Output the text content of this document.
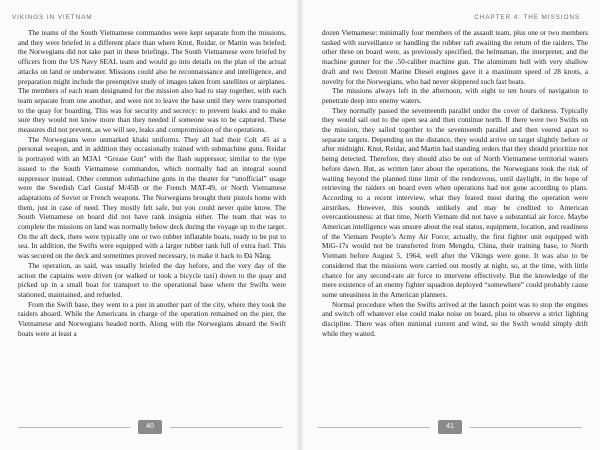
VIKINGS IN VIETNAM

The teams of the South Vietnamese commandos were kept separate from the missions, and they were briefed in a different place than where Knut, Reidar, or Martin was briefed; the Norwegians did not take part in these briefings. The South Vietnamese were briefed by officers from the US Navy SEAL team and would go into details on the plan of the actual attacks on land or underwater. Missions could also be reconnaissance and intelligence, and preparation might include the preemptive study of images taken from satellites or airplanes. The members of each team designated for the mission also had to stay together, with each team separate from one another, and were not to leave the base until they were transported to the quay for boarding. This was for security and secrecy: to prevent leaks and to make sure they would not know more than they needed if someone was to be captured. These measures did not prevent, as we will see, leaks and compromission of the operations.

The Norwegians were unmarked khaki uniforms. They all had their Colt .45 as a personal weapon, and in addition they occasionally trained with submachine guns. Reidar is portrayed with an M3A1 “Grease Gun” with the flash suppressor, similar to the type issued to the South Vietnamese commandos, which normally had an integral sound suppressor instead. Other common submachine guns in the theater for “unofficial” usage were the Swedish Carl Gustaf M/45B or the French MAT-49, or North Vietnamese adaptations of Soviet or French weapons. The Norwegians brought their pistols home with them, just in case of need. They mostly felt safe, but you could never quite know. The South Vietnamese on board did not have rank insignia either. The team that was to complete the missions on land was normally below deck during the voyage up to the target. On the aft deck, there were typically one or two rubber inflatable boats, ready to be put to sea. In addition, the Swifts were equipped with a larger rubber tank full of extra fuel. This was secured on the deck and sometimes proved necessary, to make it back to Đà Nẵng.

The operation, as said, was usually briefed the day before, and the very day of the action the captains were driven (or walked or took a bicycle taxi) down to the quay and picked up in a small boat for transport to the operational base where the Swifts were stationed, maintained, and refueled.

From the Swift base, they went to a pier in another part of the city, where they took the raiders aboard. While the Americans in charge of the operation remained on the pier, the Vietnamese and Norwegians headed north. Along with the Norwegians aboard the Swift boats were at least a

40
CHAPTER 4: THE MISSIONS

dozen Vietnamese: minimally four members of the assault team, plus one or two members tasked with surveillance or handling the rubber raft awaiting the return of the raiders. The other three on board were, as previously specified, the helmsman, the interpreter, and the machine gunner for the .50-caliber machine gun. The aluminum hull with very shallow draft and two Detroit Marine Diesel engines gave it a maximum speed of 28 knots, a novelty for the Norwegians, who had never skippered such fast boats.

The missions always left in the afternoon, with eight to ten hours of navigation to penetrate deep into enemy waters.

They normally passed the seventeenth parallel under the cover of darkness. Typically they would sail out to the open sea and then continue north. If there were two Swifts on the mission, they sailed together to the seventeenth parallel and then veered apart to separate targets. Depending on the distance, they would arrive on target slightly before or after midnight. Knut, Reidar, and Martin had standing orders that they should prioritize not being detected. Therefore, they should also be out of North Vietnamese territorial waters before dawn. But, as written later about the operations, the Norwegians took the risk of waiting beyond the planned time limit of the rendezvous, until daylight, in the hope of retrieving the raiders on board even when operations had not gone according to plans. According to a recent interview, what they feared most during the operation were airstrikes. However, this sounds unlikely and may be credited to American overcautiousness: at that time, North Vietnam did not have a substantial air force. Maybe American intelligence was unsure about the real status, equipment, location, and readiness of the Vietnam People’s Army Air Force; actually, the first fighter unit equipped with MiG-17s would not be transferred from Mengdu, China, their training base, to North Vietnam before August 5, 1964, well after the Vikings were gone. It was also to be considered that the missions were carried out mostly at night, so, at the time, with little chance for any second-rate air force to intervene effectively. But the knowledge of the mere existence of an enemy fighter squadron deployed “somewhere” could probably cause some uneasiness in the American planners.

Normal procedure when the Swifts arrived at the launch point was to stop the engines and switch off whatever else could make noise on board, plus to observe a strict lighting discipline. There was often minimal current and wind, so the Swift would simply drift while they waited.

41
